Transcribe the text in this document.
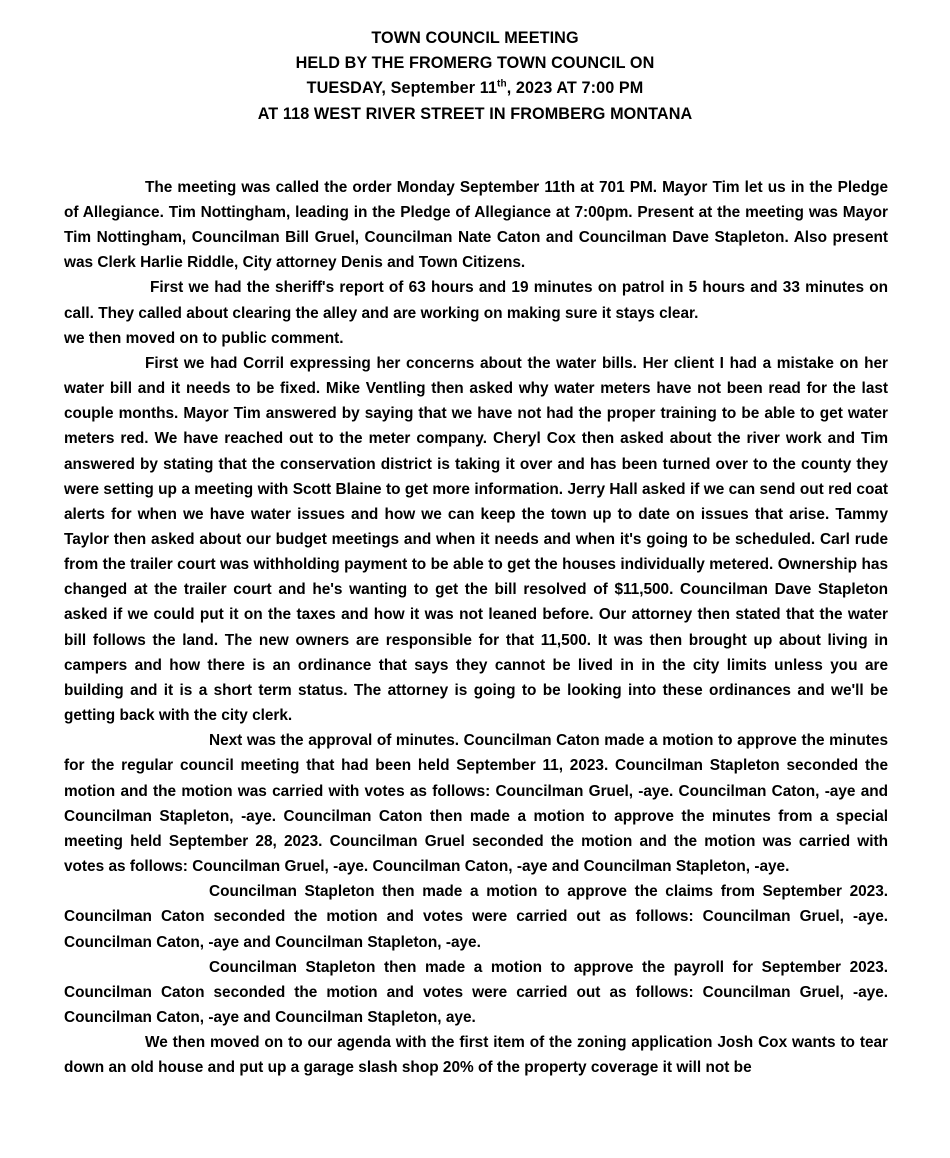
TOWN COUNCIL MEETING
HELD BY THE FROMERG TOWN COUNCIL ON
TUESDAY, September 11th, 2023 AT 7:00 PM
AT 118 WEST RIVER STREET IN FROMBERG MONTANA

The meeting was called the order Monday September 11th at 701 PM. Mayor Tim let us in the Pledge of Allegiance. Tim Nottingham, leading in the Pledge of Allegiance at 7:00pm. Present at the meeting was Mayor Tim Nottingham, Councilman Bill Gruel, Councilman Nate Caton and Councilman Dave Stapleton. Also present was Clerk Harlie Riddle, City attorney Denis and Town Citizens.

First we had the sheriff's report of 63 hours and 19 minutes on patrol in 5 hours and 33 minutes on call. They called about clearing the alley and are working on making sure it stays clear.

we then moved on to public comment.

First we had Corril expressing her concerns about the water bills. Her client I had a mistake on her water bill and it needs to be fixed. Mike Ventling then asked why water meters have not been read for the last couple months. Mayor Tim answered by saying that we have not had the proper training to be able to get water meters red. We have reached out to the meter company. Cheryl Cox then asked about the river work and Tim answered by stating that the conservation district is taking it over and has been turned over to the county they were setting up a meeting with Scott Blaine to get more information. Jerry Hall asked if we can send out red coat alerts for when we have water issues and how we can keep the town up to date on issues that arise. Tammy Taylor then asked about our budget meetings and when it needs and when it's going to be scheduled. Carl rude from the trailer court was withholding payment to be able to get the houses individually metered. Ownership has changed at the trailer court and he's wanting to get the bill resolved of $11,500. Councilman Dave Stapleton asked if we could put it on the taxes and how it was not leaned before. Our attorney then stated that the water bill follows the land. The new owners are responsible for that 11,500. It was then brought up about living in campers and how there is an ordinance that says they cannot be lived in in the city limits unless you are building and it is a short term status. The attorney is going to be looking into these ordinances and we'll be getting back with the city clerk.

Next was the approval of minutes. Councilman Caton made a motion to approve the minutes for the regular council meeting that had been held September 11, 2023. Councilman Stapleton seconded the motion and the motion was carried with votes as follows: Councilman Gruel, -aye. Councilman Caton, -aye and Councilman Stapleton, -aye. Councilman Caton then made a motion to approve the minutes from a special meeting held September 28, 2023. Councilman Gruel seconded the motion and the motion was carried with votes as follows: Councilman Gruel, -aye. Councilman Caton, -aye and Councilman Stapleton, -aye.

Councilman Stapleton then made a motion to approve the claims from September 2023. Councilman Caton seconded the motion and votes were carried out as follows: Councilman Gruel, -aye. Councilman Caton, -aye and Councilman Stapleton, -aye.

Councilman Stapleton then made a motion to approve the payroll for September 2023. Councilman Caton seconded the motion and votes were carried out as follows: Councilman Gruel, -aye. Councilman Caton, -aye and Councilman Stapleton, aye.

We then moved on to our agenda with the first item of the zoning application Josh Cox wants to tear down an old house and put up a garage slash shop 20% of the property coverage it will not be
